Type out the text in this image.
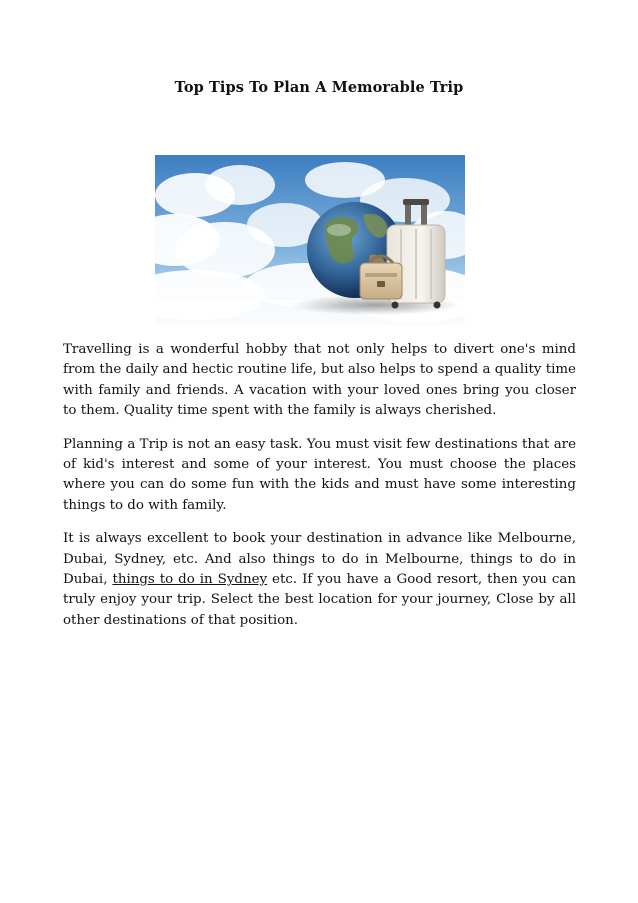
Top Tips To Plan A Memorable Trip

Travelling is a wonderful hobby that not only helps to divert one's mind from the daily and hectic routine life, but also helps to spend a quality time with family and friends. A vacation with your loved ones bring you closer to them. Quality time spent with the family is always cherished.

Planning a Trip is not an easy task. You must visit few destinations that are of kid's interest and some of your interest. You must choose the places where you can do some fun with the kids and must have some interesting things to do with family.

It is always excellent to book your destination in advance like Melbourne, Dubai, Sydney, etc. And also things to do in Melbourne, things to do in Dubai, things to do in Sydney etc. If you have a Good resort, then you can truly enjoy your trip. Select the best location for your journey, Close by all other destinations of that position.
